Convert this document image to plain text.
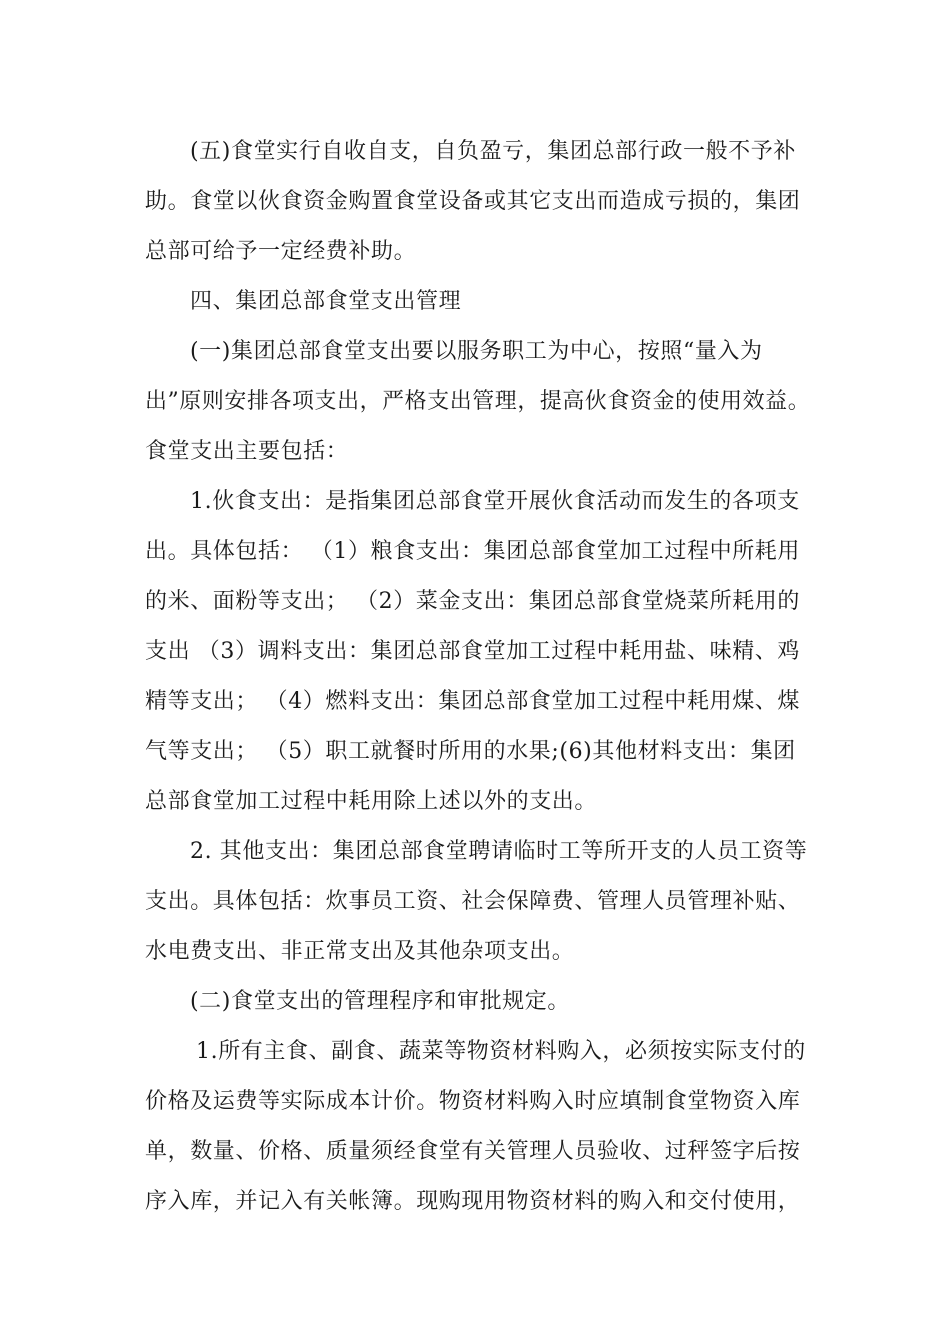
(五)食堂实行自收自支，自负盈亏，集团总部行政一般不予补
助。食堂以伙食资金购置食堂设备或其它支出而造成亏损的，集团
总部可给予一定经费补助。
四、集团总部食堂支出管理
(一)集团总部食堂支出要以服务职工为中心，按照“量入为
出”原则安排各项支出，严格支出管理，提高伙食资金的使用效益。
食堂支出主要包括：
1.伙食支出：是指集团总部食堂开展伙食活动而发生的各项支
出。具体包括： （1）粮食支出：集团总部食堂加工过程中所耗用
的米、面粉等支出； （2）菜金支出：集团总部食堂烧菜所耗用的
支出 （3）调料支出：集团总部食堂加工过程中耗用盐、味精、鸡
精等支出； （4）燃料支出：集团总部食堂加工过程中耗用煤、煤
气等支出； （5）职工就餐时所用的水果;(6)其他材料支出：集团
总部食堂加工过程中耗用除上述以外的支出。
2. 其他支出：集团总部食堂聘请临时工等所开支的人员工资等
支出。具体包括：炊事员工资、社会保障费、管理人员管理补贴、
水电费支出、非正常支出及其他杂项支出。
(二)食堂支出的管理程序和审批规定。
1.所有主食、副食、蔬菜等物资材料购入，必须按实际支付的
价格及运费等实际成本计价。物资材料购入时应填制食堂物资入库
单，数量、价格、质量须经食堂有关管理人员验收、过秤签字后按
序入库，并记入有关帐簿。现购现用物资材料的购入和交付使用，
